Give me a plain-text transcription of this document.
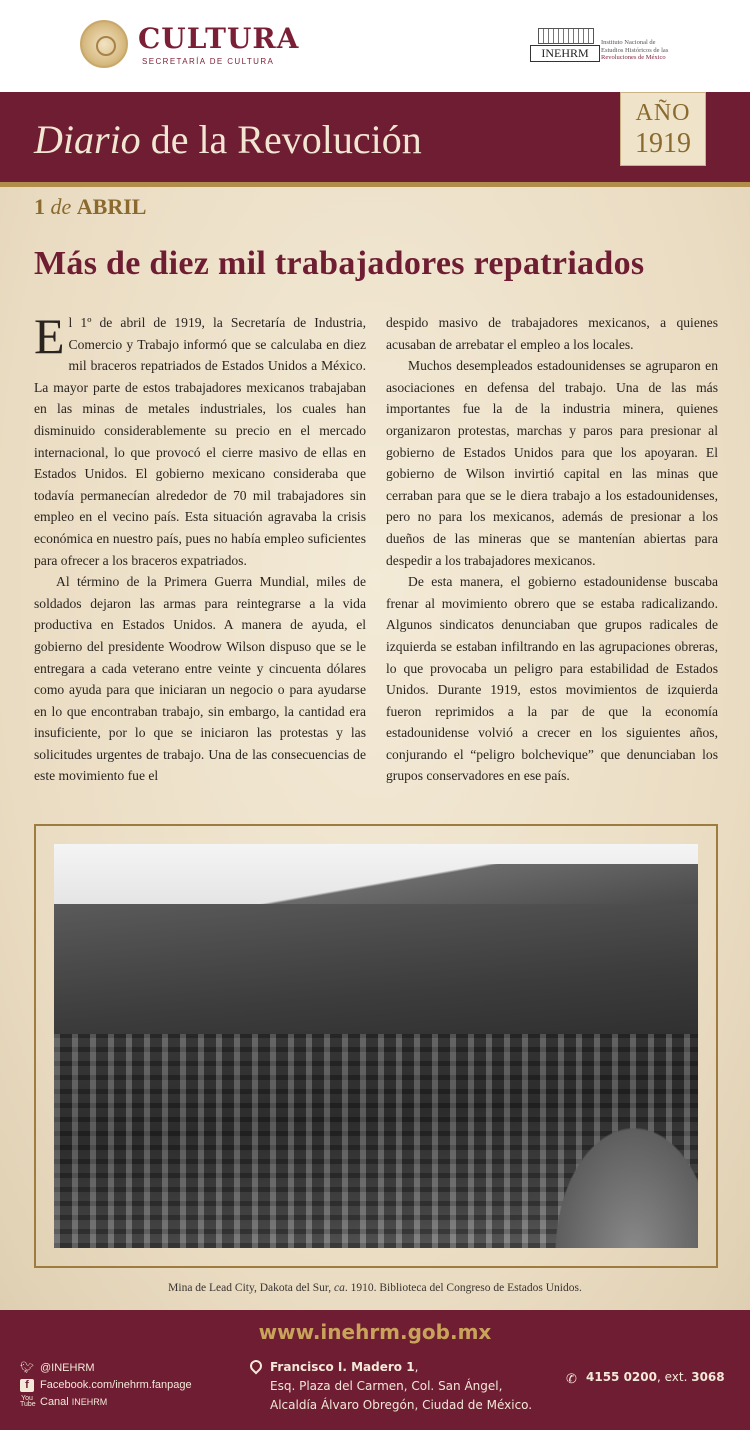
CULTURA
SECRETARÍA DE CULTURA
INEHRM
Instituto Nacional de
Estudios Históricos de las
Revoluciones de México
Diario de la Revolución
AÑO
1919
1 de ABRIL
Más de diez mil trabajadores repatriados

El 1º de abril de 1919, la Secretaría de Industria, Comercio y Trabajo informó que se calculaba en diez mil braceros repatriados de Estados Unidos a México. La mayor parte de estos trabajadores mexicanos trabajaban en las minas de metales industriales, los cuales han disminuido considerablemente su precio en el mercado internacional, lo que provocó el cierre masivo de ellas en Estados Unidos. El gobierno mexicano consideraba que todavía permanecían alrededor de 70 mil trabajadores sin empleo en el vecino país. Esta situación agravaba la crisis económica en nuestro país, pues no había empleo suficientes para ofrecer a los braceros expatriados.

Al término de la Primera Guerra Mundial, miles de soldados dejaron las armas para reintegrarse a la vida productiva en Estados Unidos. A manera de ayuda, el gobierno del presidente Woodrow Wilson dispuso que se le entregara a cada veterano entre veinte y cincuenta dólares como ayuda para que iniciaran un negocio o para ayudarse en lo que encontraban trabajo, sin embargo, la cantidad era insuficiente, por lo que se iniciaron las protestas y las solicitudes urgentes de trabajo. Una de las consecuencias de este movimiento fue el

despido masivo de trabajadores mexicanos, a quienes acusaban de arrebatar el empleo a los locales.

Muchos desempleados estadounidenses se agruparon en asociaciones en defensa del trabajo. Una de las más importantes fue la de la industria minera, quienes organizaron protestas, marchas y paros para presionar al gobierno de Estados Unidos para que los apoyaran. El gobierno de Wilson invirtió capital en las minas que cerraban para que se le diera trabajo a los estadounidenses, pero no para los mexicanos, además de presionar a los dueños de las mineras que se mantenían abiertas para despedir a los trabajadores mexicanos.

De esta manera, el gobierno estadounidense buscaba frenar al movimiento obrero que se estaba radicalizando. Algunos sindicatos denunciaban que grupos radicales de izquierda se estaban infiltrando en las agrupaciones obreras, lo que provocaba un peligro para estabilidad de Estados Unidos. Durante 1919, estos movimientos de izquierda fueron reprimidos a la par de que la economía estadounidense volvió a crecer en los siguientes años, conjurando el “peligro bolchevique” que denunciaban los grupos conservadores en ese país.

Mina de Lead City, Dakota del Sur, ca. 1910. Biblioteca del Congreso de Estados Unidos.
www.inehrm.gob.mx
🐦︎ @INEHRM
f	Facebook.com/inehrm.fanpage
You
Tube Canal INEHRM
Francisco I. Madero 1,
Esq. Plaza del Carmen, Col. San Ángel,
Alcaldía Álvaro Obregón, Ciudad de México.
✆ 4155 0200, ext. 3068
